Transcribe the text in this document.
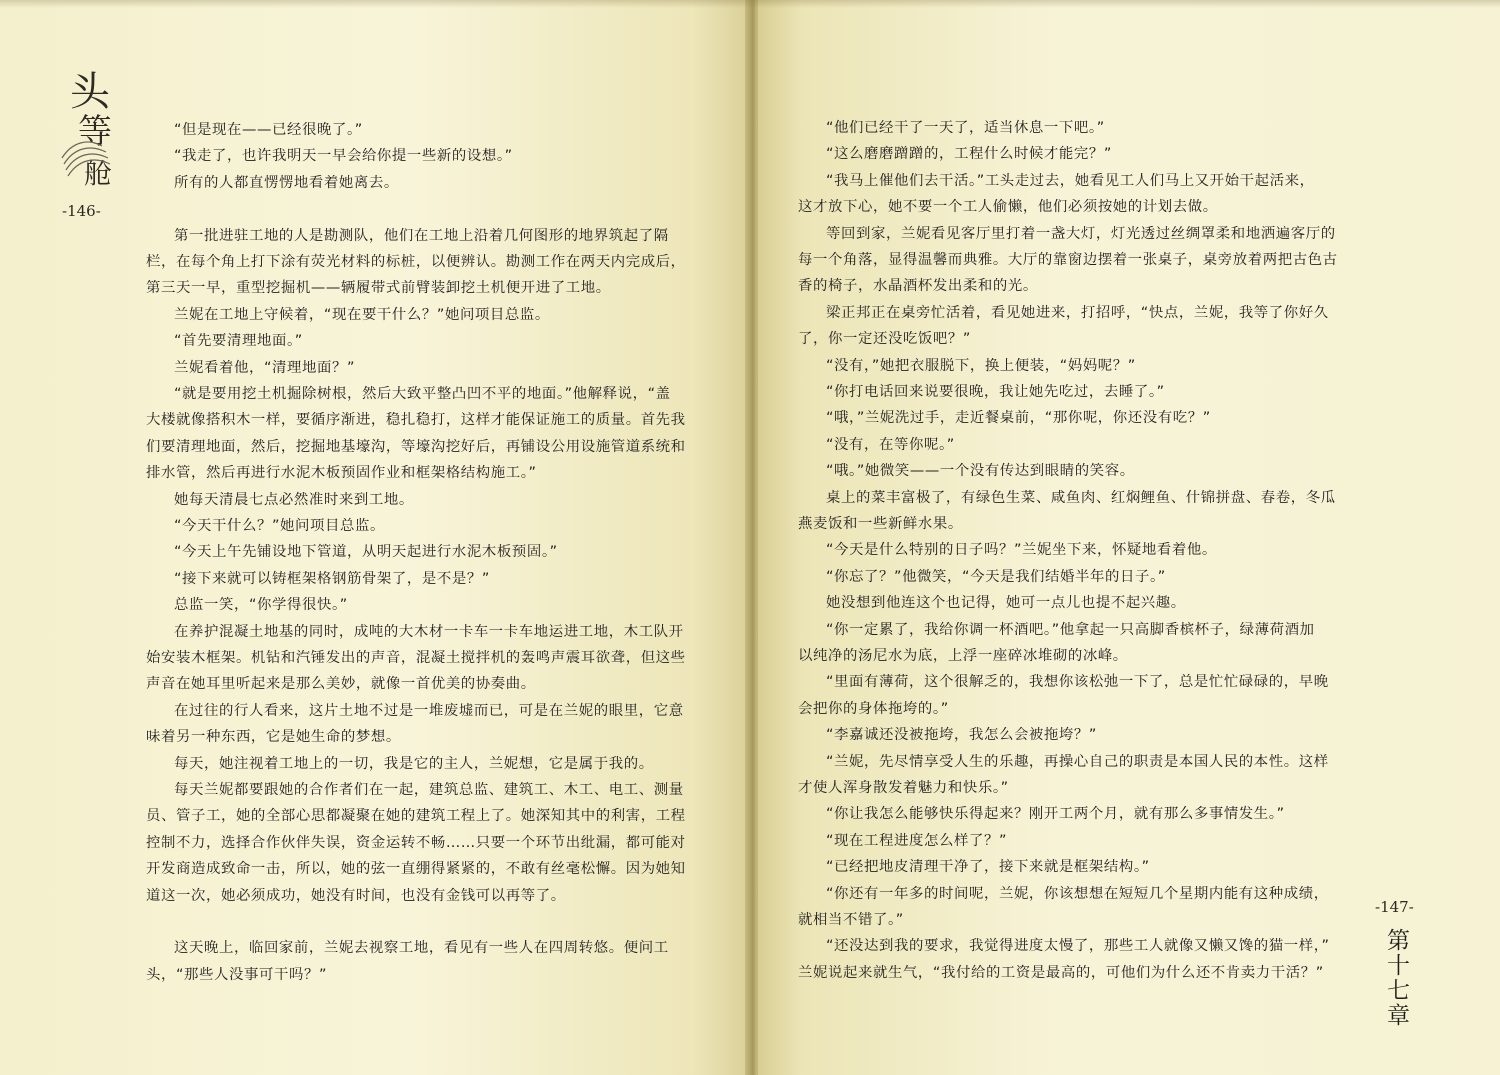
头
等
舱
-146-
“但是现在——已经很晚了。”
“我走了，也许我明天一早会给你提一些新的设想。”
所有的人都直愣愣地看着她离去。
第一批进驻工地的人是勘测队，他们在工地上沿着几何图形的地界筑起了隔
栏，在每个角上打下涂有荧光材料的标桩，以便辨认。勘测工作在两天内完成后，
第三天一早，重型挖掘机——辆履带式前臂装卸挖土机便开进了工地。
兰妮在工地上守候着，“现在要干什么？”她问项目总监。
“首先要清理地面。”
兰妮看着他，“清理地面？”
“就是要用挖土机掘除树根，然后大致平整凸凹不平的地面。”他解释说，“盖
大楼就像搭积木一样，要循序渐进，稳扎稳打，这样才能保证施工的质量。首先我
们要清理地面，然后，挖掘地基壕沟，等壕沟挖好后，再铺设公用设施管道系统和
排水管，然后再进行水泥木板预固作业和框架格结构施工。”
她每天清晨七点必然准时来到工地。
“今天干什么？”她问项目总监。
“今天上午先铺设地下管道，从明天起进行水泥木板预固。”
“接下来就可以铸框架格钢筋骨架了，是不是？”
总监一笑，“你学得很快。”
在养护混凝土地基的同时，成吨的大木材一卡车一卡车地运进工地，木工队开
始安装木框架。机钻和汽锤发出的声音，混凝土搅拌机的轰鸣声震耳欲聋，但这些
声音在她耳里听起来是那么美妙，就像一首优美的协奏曲。
在过往的行人看来，这片土地不过是一堆废墟而已，可是在兰妮的眼里，它意
味着另一种东西，它是她生命的梦想。
每天，她注视着工地上的一切，我是它的主人，兰妮想，它是属于我的。
每天兰妮都要跟她的合作者们在一起，建筑总监、建筑工、木工、电工、测量
员、管子工，她的全部心思都凝聚在她的建筑工程上了。她深知其中的利害，工程
控制不力，选择合作伙伴失误，资金运转不畅……只要一个环节出纰漏，都可能对
开发商造成致命一击，所以，她的弦一直绷得紧紧的，不敢有丝毫松懈。因为她知
道这一次，她必须成功，她没有时间，也没有金钱可以再等了。
这天晚上，临回家前，兰妮去视察工地，看见有一些人在四周转悠。便问工
头，“那些人没事可干吗？”
“他们已经干了一天了，适当休息一下吧。”
“这么磨磨蹭蹭的，工程什么时候才能完？”
“我马上催他们去干活。”工头走过去，她看见工人们马上又开始干起活来，
这才放下心，她不要一个工人偷懒，他们必须按她的计划去做。
等回到家，兰妮看见客厅里打着一盏大灯，灯光透过丝绸罩柔和地洒遍客厅的
每一个角落，显得温馨而典雅。大厅的靠窗边摆着一张桌子，桌旁放着两把古色古
香的椅子，水晶酒杯发出柔和的光。
梁正邦正在桌旁忙活着，看见她进来，打招呼，“快点，兰妮，我等了你好久
了，你一定还没吃饭吧？”
“没有，”她把衣服脱下，换上便装，“妈妈呢？”
“你打电话回来说要很晚，我让她先吃过，去睡了。”
“哦，”兰妮洗过手，走近餐桌前，“那你呢，你还没有吃？”
“没有，在等你呢。”
“哦。”她微笑——一个没有传达到眼睛的笑容。
桌上的菜丰富极了，有绿色生菜、咸鱼肉、红焖鲤鱼、什锦拼盘、春卷，冬瓜
燕麦饭和一些新鲜水果。
“今天是什么特别的日子吗？”兰妮坐下来，怀疑地看着他。
“你忘了？”他微笑，“今天是我们结婚半年的日子。”
她没想到他连这个也记得，她可一点儿也提不起兴趣。
“你一定累了，我给你调一杯酒吧。”他拿起一只高脚香槟杯子，绿薄荷酒加
以纯净的汤尼水为底，上浮一座碎冰堆砌的冰峰。
“里面有薄荷，这个很解乏的，我想你该松弛一下了，总是忙忙碌碌的，早晚
会把你的身体拖垮的。”
“李嘉诚还没被拖垮，我怎么会被拖垮？”
“兰妮，先尽情享受人生的乐趣，再操心自己的职责是本国人民的本性。这样
才使人浑身散发着魅力和快乐。”
“你让我怎么能够快乐得起来？刚开工两个月，就有那么多事情发生。”
“现在工程进度怎么样了？”
“已经把地皮清理干净了，接下来就是框架结构。”
“你还有一年多的时间呢，兰妮，你该想想在短短几个星期内能有这种成绩，
就相当不错了。”
“还没达到我的要求，我觉得进度太慢了，那些工人就像又懒又馋的猫一样，”
兰妮说起来就生气，“我付给的工资是最高的，可他们为什么还不肯卖力干活？”
-147-
第十七章
